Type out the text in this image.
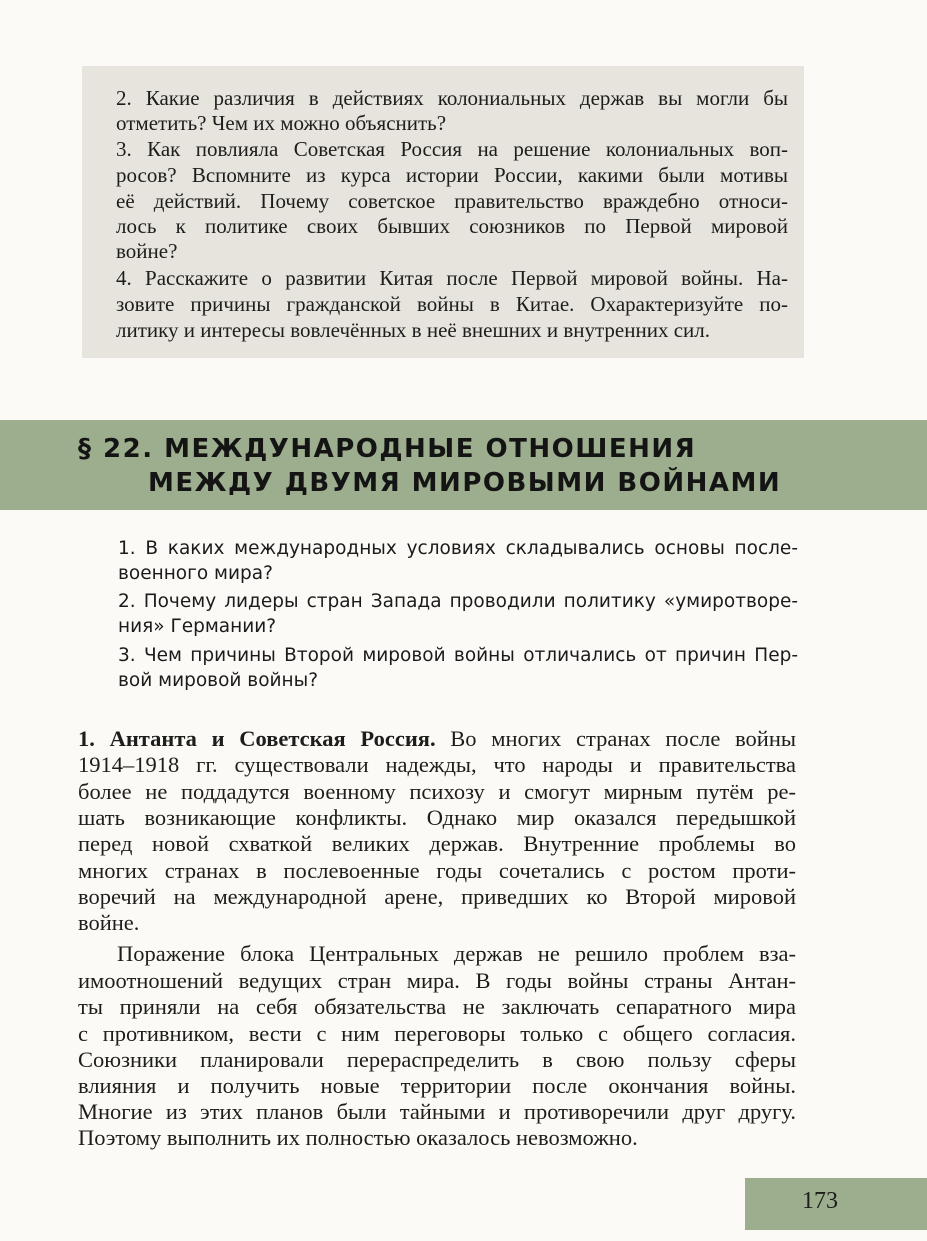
2. Какие различия в действиях колониальных держав вы могли бы

отметить? Чем их можно объяснить?

3. Как повлияла Советская Россия на решение колониальных воп-

росов? Вспомните из курса истории России, какими были мотивы

её действий. Почему советское правительство враждебно относи-

лось к политике своих бывших союзников по Первой мировой

войне?

4. Расскажите о развитии Китая после Первой мировой войны. На-

зовите причины гражданской войны в Китае. Охарактеризуйте по-

литику и интересы вовлечённых в неё внешних и внутренних сил.

§ 22. МЕЖДУНАРОДНЫЕ ОТНОШЕНИЯ

МЕЖДУ ДВУМЯ МИРОВЫМИ ВОЙНАМИ

1. В каких международных условиях складывались основы после-

военного мира?

2. Почему лидеры стран Запада проводили политику «умиротворе-

ния» Германии?

3. Чем причины Второй мировой войны отличались от причин Пер-

вой мировой войны?

1. Антанта и Советская Россия. Во многих странах после войны

1914–1918 гг. существовали надежды, что народы и правительства

более не поддадутся военному психозу и смогут мирным путём ре-

шать возникающие конфликты. Однако мир оказался передышкой

перед новой схваткой великих держав. Внутренние проблемы во

многих странах в послевоенные годы сочетались с ростом проти-

воречий на международной арене, приведших ко Второй мировой

войне.

Поражение блока Центральных держав не решило проблем вза-

имоотношений ведущих стран мира. В годы войны страны Антан-

ты приняли на себя обязательства не заключать сепаратного мира

с противником, вести с ним переговоры только с общего согласия.

Союзники планировали перераспределить в свою пользу сферы

влияния и получить новые территории после окончания войны.

Многие из этих планов были тайными и противоречили друг другу.

Поэтому выполнить их полностью оказалось невозможно.

173
